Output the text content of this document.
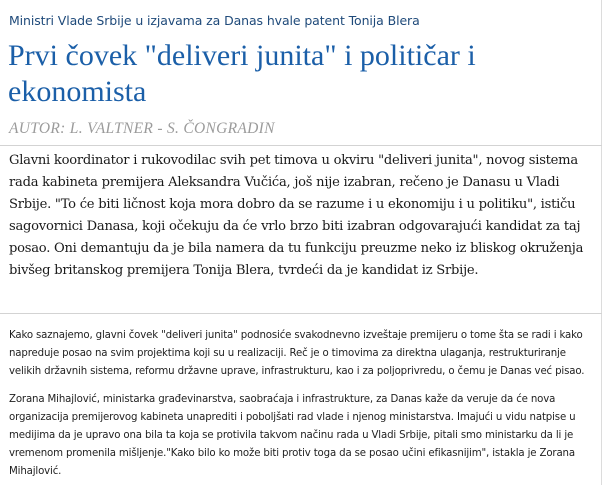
Ministri Vlade Srbije u izjavama za Danas hvale patent Tonija Blera
Prvi čovek "deliveri junita" i političar i ekonomista
AUTOR: L. VALTNER - S. ČONGRADIN

Glavni koordinator i rukovodilac svih pet timova u okviru "deliveri junita", novog sistema rada kabineta premijera Aleksandra Vučića, još nije izabran, rečeno je Danasu u Vladi Srbije. "To će biti ličnost koja mora dobro da se razume i u ekonomiju i u politiku", ističu sagovornici Danasa, koji očekuju da će vrlo brzo biti izabran odgovarajući kandidat za taj posao. Oni demantuju da je bila namera da tu funkciju preuzme neko iz bliskog okruženja bivšeg britanskog premijera Tonija Blera, tvrdeći da je kandidat iz Srbije.

Kako saznajemo, glavni čovek "deliveri junita" podnosiće svakodnevno izveštaje premijeru o tome šta se radi i kako napreduje posao na svim projektima koji su u realizaciji. Reč je o timovima za direktna ulaganja, restrukturiranje velikih državnih sistema, reformu državne uprave, infrastrukturu, kao i za poljoprivredu, o čemu je Danas već pisao.

Zorana Mihajlović, ministarka građevinarstva, saobraćaja i infrastrukture, za Danas kaže da veruje da će nova organizacija premijerovog kabineta unaprediti i poboljšati rad vlade i njenog ministarstva. Imajući u vidu natpise u medijima da je upravo ona bila ta koja se protivila takvom načinu rada u Vladi Srbije, pitali smo ministarku da li je vremenom promenila mišljenje."Kako bilo ko može biti protiv toga da se posao učini efikasnijim", istakla je Zorana Mihajlović.
